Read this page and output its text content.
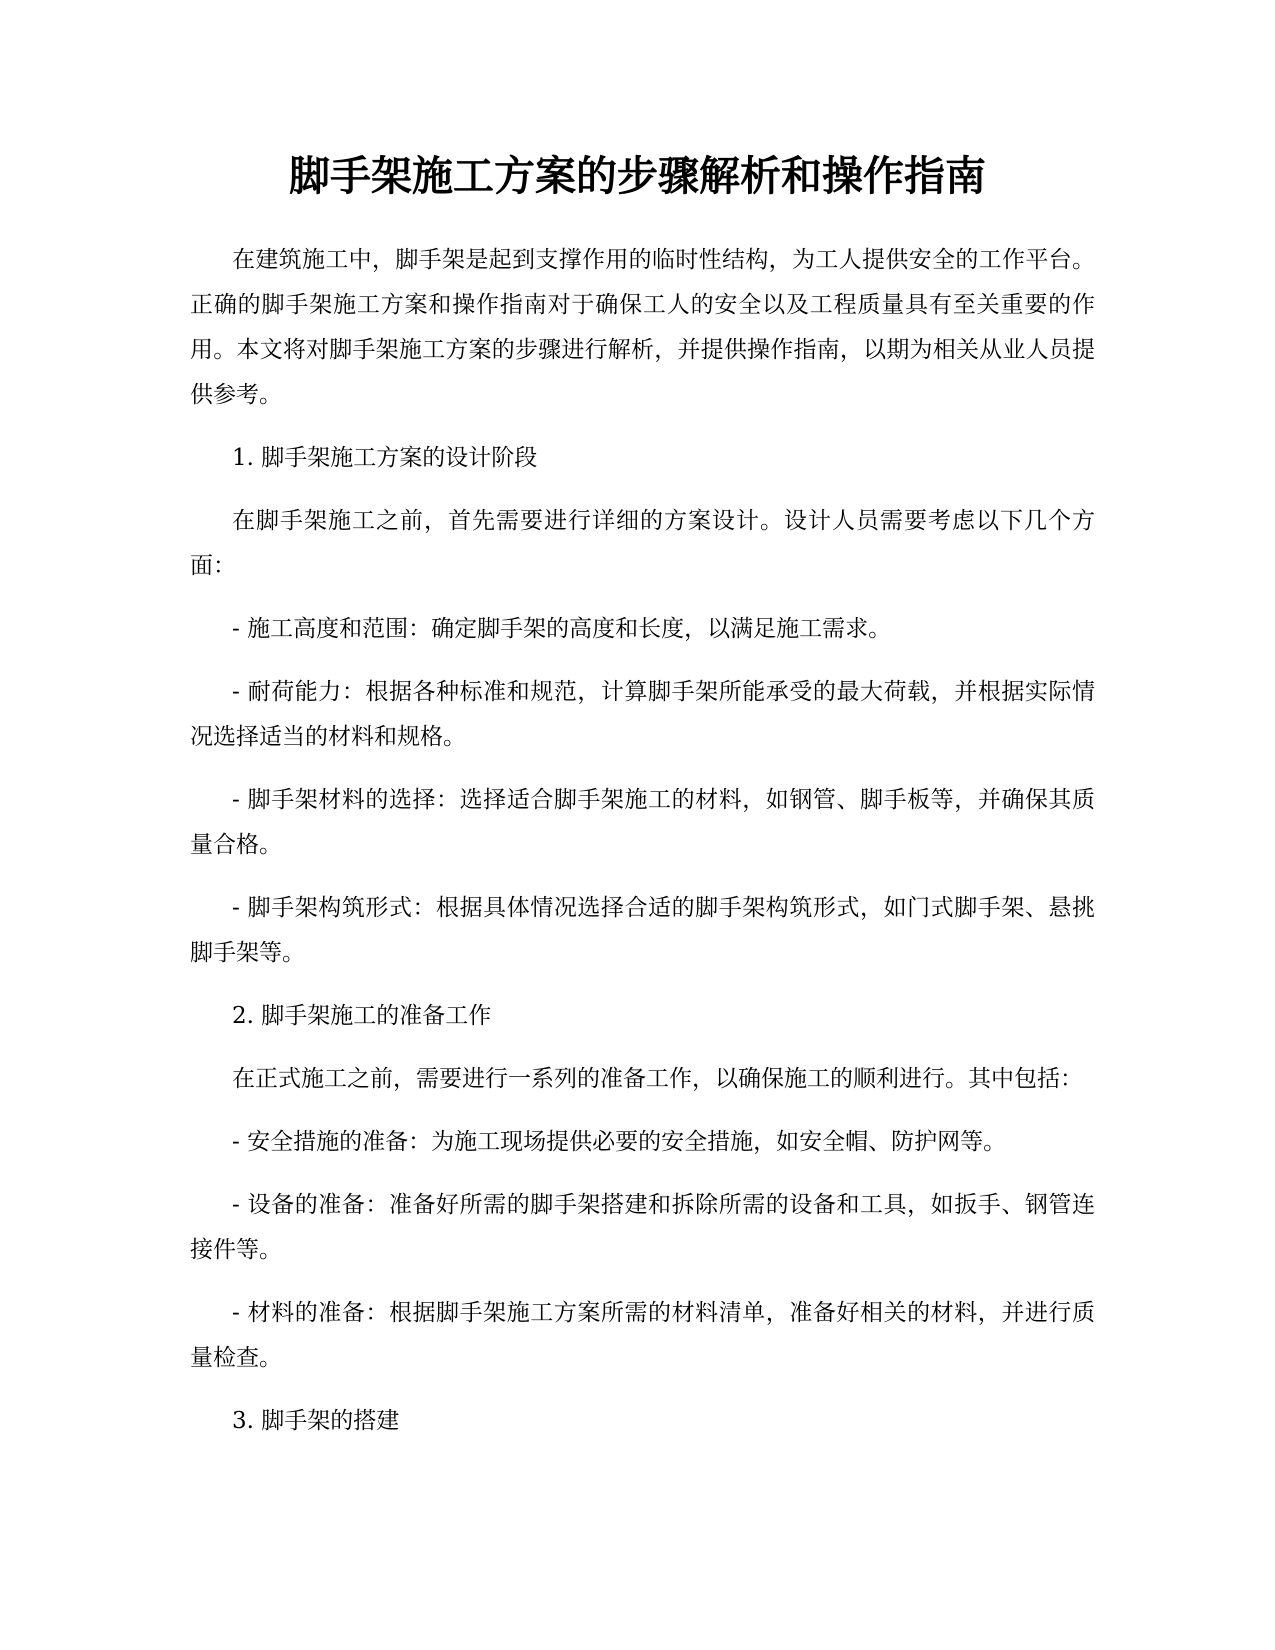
脚手架施工方案的步骤解析和操作指南

在建筑施工中，脚手架是起到支撑作用的临时性结构，为工人提供安全的工作平台。正确的脚手架施工方案和操作指南对于确保工人的安全以及工程质量具有至关重要的作用。本文将对脚手架施工方案的步骤进行解析，并提供操作指南，以期为相关从业人员提供参考。

1. 脚手架施工方案的设计阶段

在脚手架施工之前，首先需要进行详细的方案设计。设计人员需要考虑以下几个方面：

- 施工高度和范围：确定脚手架的高度和长度，以满足施工需求。

- 耐荷能力：根据各种标准和规范，计算脚手架所能承受的最大荷载，并根据实际情况选择适当的材料和规格。

- 脚手架材料的选择：选择适合脚手架施工的材料，如钢管、脚手板等，并确保其质量合格。

- 脚手架构筑形式：根据具体情况选择合适的脚手架构筑形式，如门式脚手架、悬挑脚手架等。

2. 脚手架施工的准备工作

在正式施工之前，需要进行一系列的准备工作，以确保施工的顺利进行。其中包括：

- 安全措施的准备：为施工现场提供必要的安全措施，如安全帽、防护网等。

- 设备的准备：准备好所需的脚手架搭建和拆除所需的设备和工具，如扳手、钢管连接件等。

- 材料的准备：根据脚手架施工方案所需的材料清单，准备好相关的材料，并进行质量检查。

3. 脚手架的搭建
